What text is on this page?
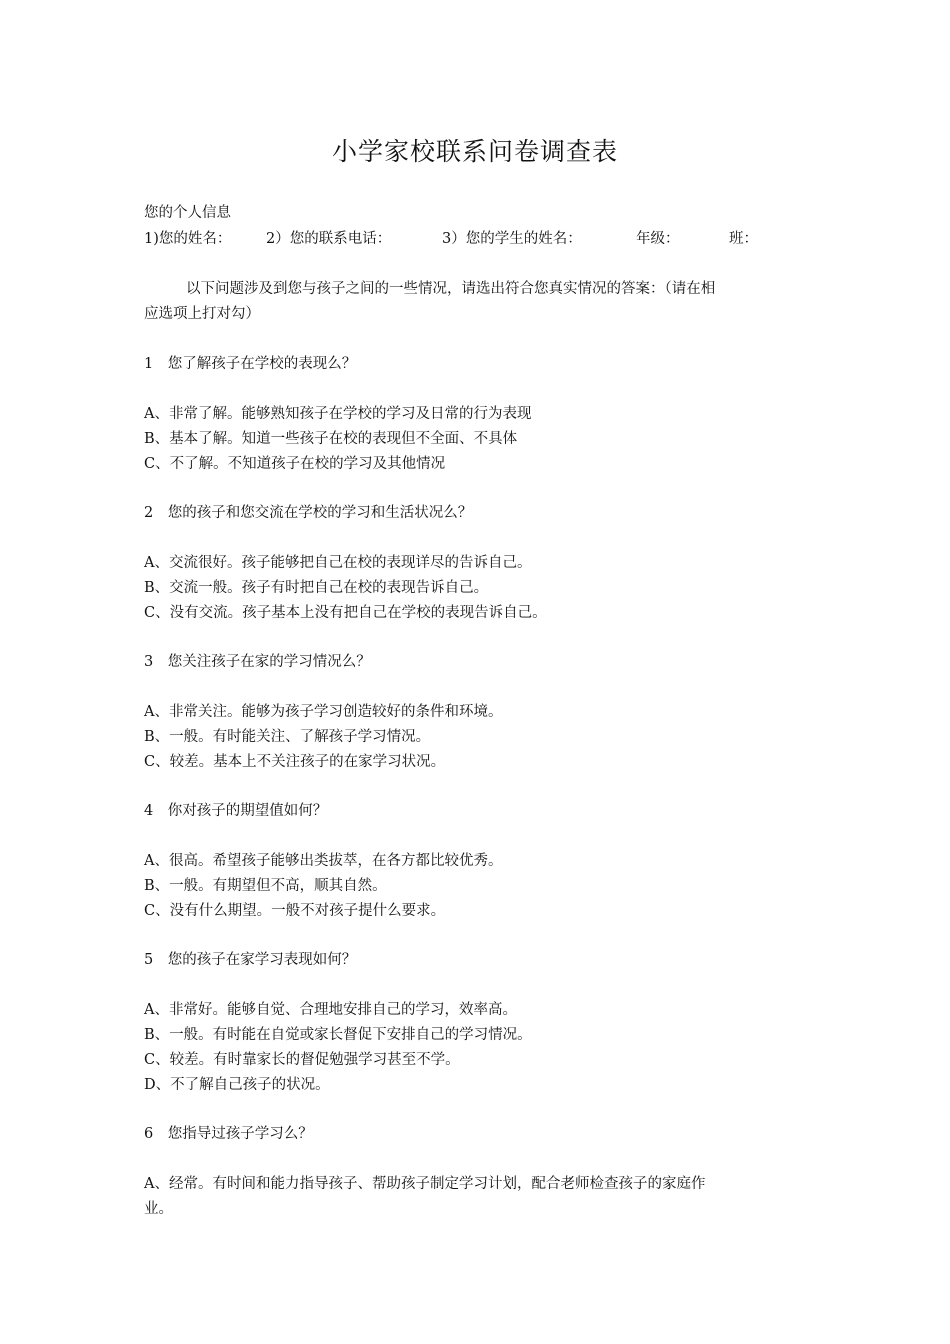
小学家校联系问卷调查表
您的个人信息
1)您的姓名： 2）您的联系电话：	3）您的学生的姓名：	年级：	班：
以下问题涉及到您与孩子之间的一些情况，请选出符合您真实情况的答案：（请在相
应选项上打对勾）
1　您了解孩子在学校的表现么？
A、非常了解。能够熟知孩子在学校的学习及日常的行为表现
B、基本了解。知道一些孩子在校的表现但不全面、不具体
C、不了解。不知道孩子在校的学习及其他情况
2　您的孩子和您交流在学校的学习和生活状况么？
A、交流很好。孩子能够把自己在校的表现详尽的告诉自己。
B、交流一般。孩子有时把自己在校的表现告诉自己。
C、没有交流。孩子基本上没有把自己在学校的表现告诉自己。
3　您关注孩子在家的学习情况么？
A、非常关注。能够为孩子学习创造较好的条件和环境。
B、一般。有时能关注、了解孩子学习情况。
C、较差。基本上不关注孩子的在家学习状况。
4　你对孩子的期望值如何？
A、很高。希望孩子能够出类拔萃，在各方都比较优秀。
B、一般。有期望但不高，顺其自然。
C、没有什么期望。一般不对孩子提什么要求。
5　您的孩子在家学习表现如何？
A、非常好。能够自觉、合理地安排自己的学习，效率高。
B、一般。有时能在自觉或家长督促下安排自己的学习情况。
C、较差。有时靠家长的督促勉强学习甚至不学。
D、不了解自己孩子的状况。
6　您指导过孩子学习么？
A、经常。有时间和能力指导孩子、帮助孩子制定学习计划，配合老师检查孩子的家庭作
业。
